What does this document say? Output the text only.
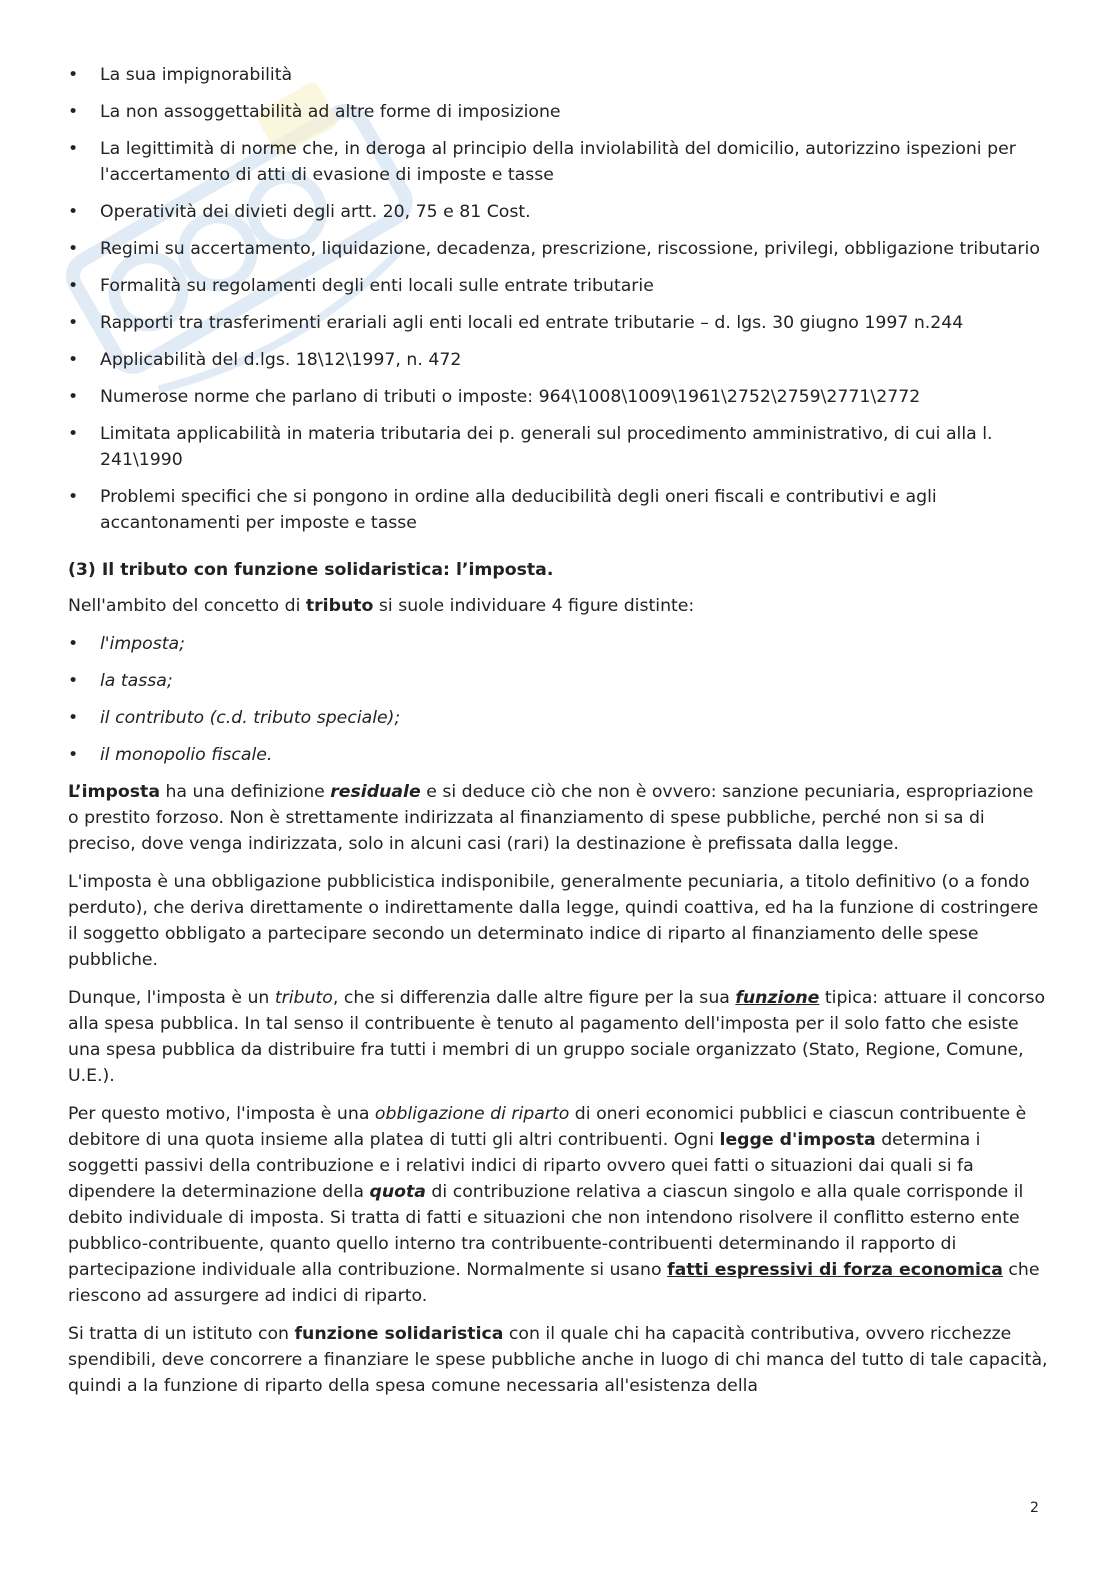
• La sua impignorabilità
• La non assoggettabilità ad altre forme di imposizione
• La legittimità di norme che, in deroga al principio della inviolabilità del domicilio, autorizzino ispezioni per l'accertamento di atti di evasione di imposte e tasse
• Operatività dei divieti degli artt. 20, 75 e 81 Cost.
• Regimi su accertamento, liquidazione, decadenza, prescrizione, riscossione, privilegi, obbligazione tributario
• Formalità su regolamenti degli enti locali sulle entrate tributarie
• Rapporti tra trasferimenti erariali agli enti locali ed entrate tributarie – d. lgs. 30 giugno 1997 n.244
• Applicabilità del d.lgs. 18\12\1997, n. 472
• Numerose norme che parlano di tributi o imposte: 964\1008\1009\1961\2752\2759\2771\2772
• Limitata applicabilità in materia tributaria dei p. generali sul procedimento amministrativo, di cui alla l. 241\1990
• Problemi specifici che si pongono in ordine alla deducibilità degli oneri fiscali e contributivi e agli accantonamenti per imposte e tasse
(3) Il tributo con funzione solidaristica: l’imposta.

Nell'ambito del concetto di tributo si suole individuare 4 figure distinte:

• l'imposta;
• la tassa;
• il contributo (c.d. tributo speciale);
• il monopolio fiscale.

L’imposta ha una definizione residuale e si deduce ciò che non è ovvero: sanzione pecuniaria, espropriazione o prestito forzoso. Non è strettamente indirizzata al finanziamento di spese pubbliche, perché non si sa di preciso, dove venga indirizzata, solo in alcuni casi (rari) la destinazione è prefissata dalla legge.

L'imposta è una obbligazione pubblicistica indisponibile, generalmente pecuniaria, a titolo definitivo (o a fondo perduto), che deriva direttamente o indirettamente dalla legge, quindi coattiva, ed ha la funzione di costringere il soggetto obbligato a partecipare secondo un determinato indice di riparto al finanziamento delle spese pubbliche.

Dunque, l'imposta è un tributo, che si differenzia dalle altre figure per la sua funzione tipica: attuare il concorso alla spesa pubblica. In tal senso il contribuente è tenuto al pagamento dell'imposta per il solo fatto che esiste una spesa pubblica da distribuire fra tutti i membri di un gruppo sociale organizzato (Stato, Regione, Comune, U.E.).

Per questo motivo, l'imposta è una obbligazione di riparto di oneri economici pubblici e ciascun contribuente è debitore di una quota insieme alla platea di tutti gli altri contribuenti. Ogni legge d'imposta determina i soggetti passivi della contribuzione e i relativi indici di riparto ovvero quei fatti o situazioni dai quali si fa dipendere la determinazione della quota di contribuzione relativa a ciascun singolo e alla quale corrisponde il debito individuale di imposta. Si tratta di fatti e situazioni che non intendono risolvere il conflitto esterno ente pubblico-contribuente, quanto quello interno tra contribuente-contribuenti determinando il rapporto di partecipazione individuale alla contribuzione. Normalmente si usano fatti espressivi di forza economica che riescono ad assurgere ad indici di riparto.

Si tratta di un istituto con funzione solidaristica con il quale chi ha capacità contributiva, ovvero ricchezze spendibili, deve concorrere a finanziare le spese pubbliche anche in luogo di chi manca del tutto di tale capacità, quindi a la funzione di riparto della spesa comune necessaria all'esistenza della

2
